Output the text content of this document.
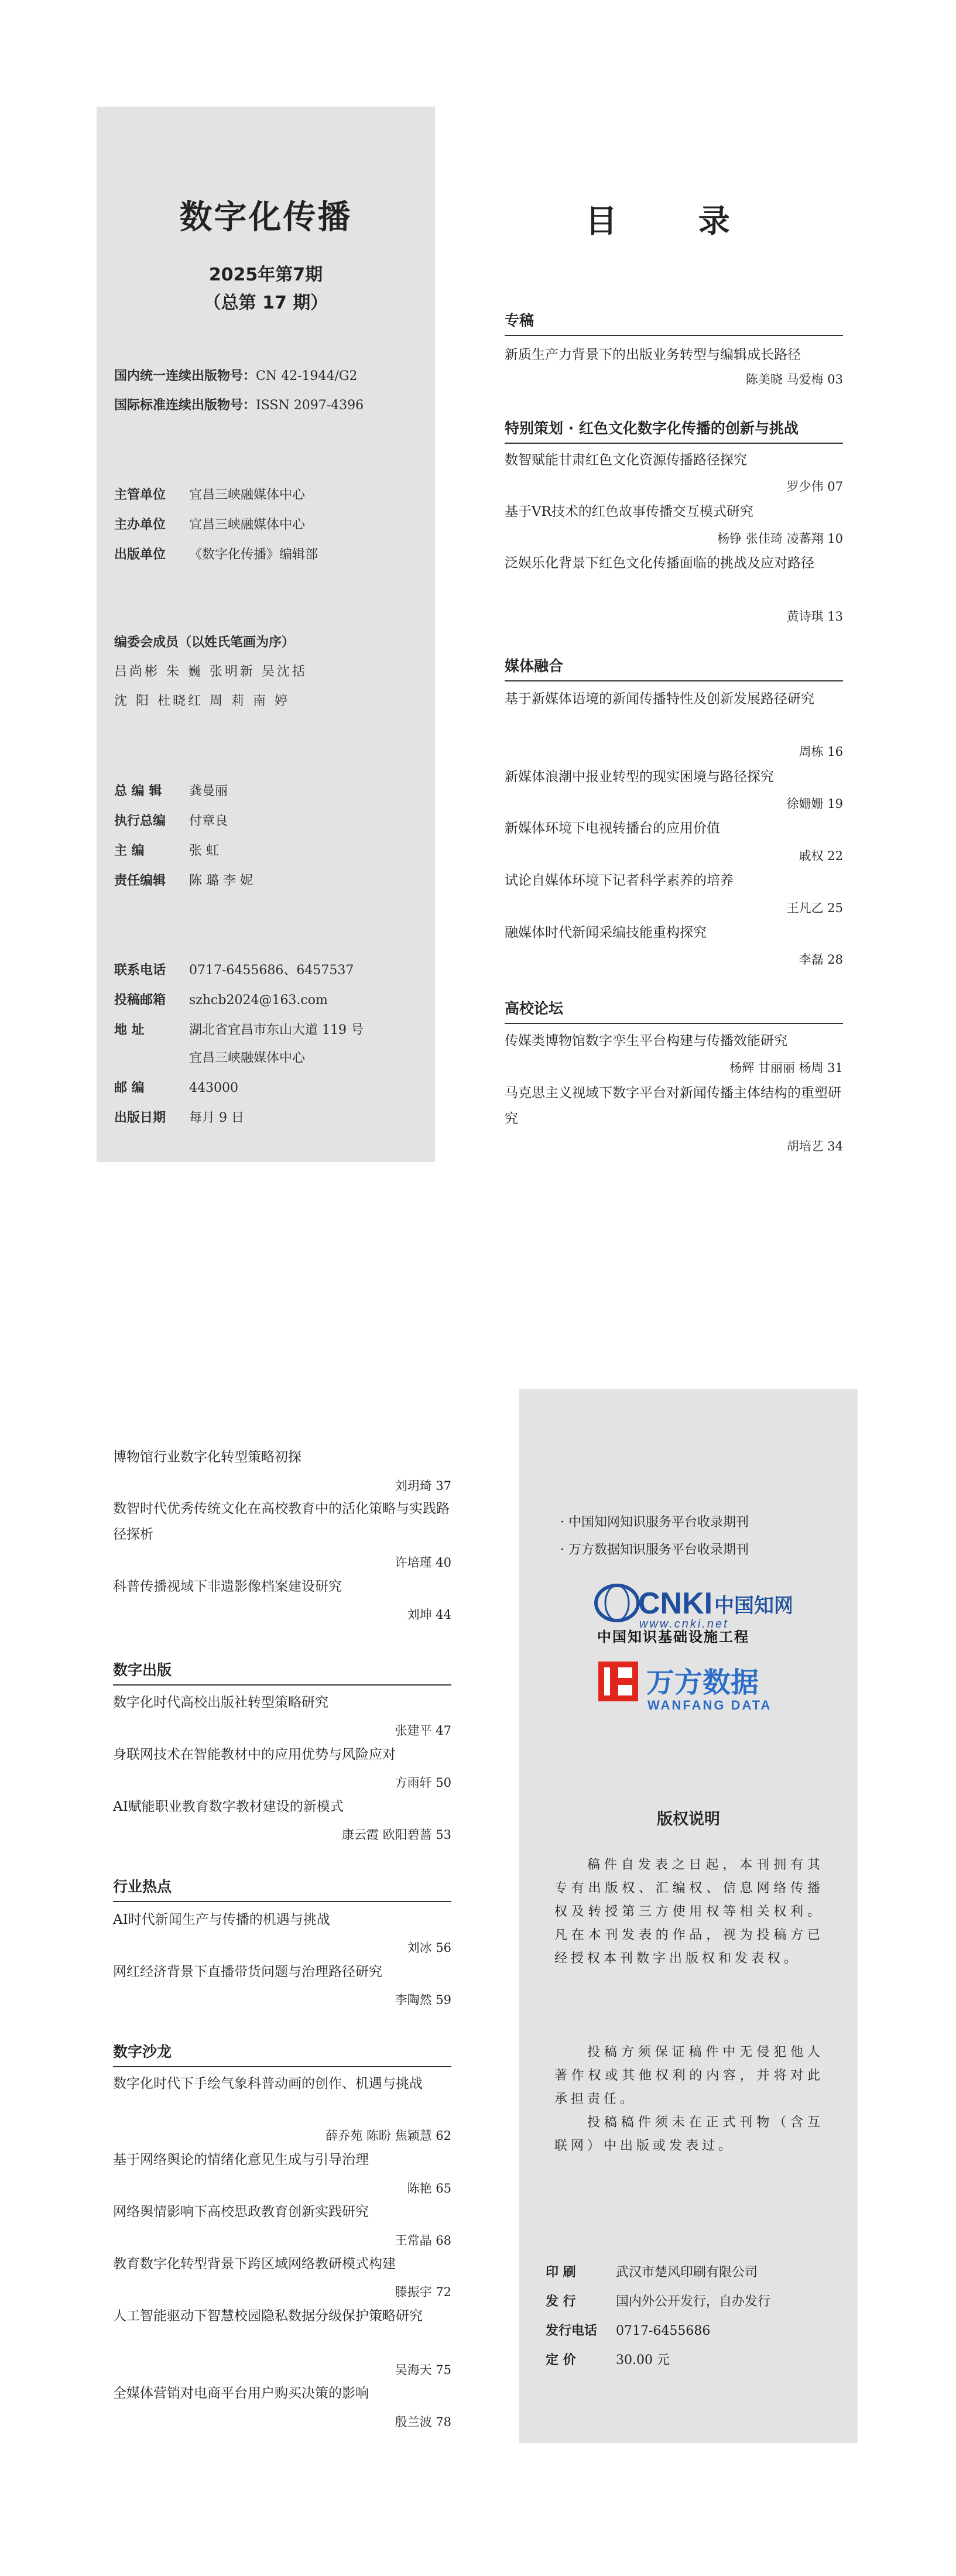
数字化传播
2025年第7期
（总第 17 期）
国内统一连续出版物号：CN 42-1944/G2
国际标准连续出版物号：ISSN 2097-4396
主管单位 宜昌三峡融媒体中心
主办单位 宜昌三峡融媒体中心
出版单位 《数字化传播》编辑部
编委会成员（以姓氏笔画为序）
吕尚彬 朱 巍 张明新 吴沈括
沈 阳 杜晓红 周 莉 南 婷
总 编 辑 龚曼丽
执行总编 付章良
主 编	张 虹
责任编辑 陈 璐 李 妮
联系电话 0717-6455686、6457537
投稿邮箱 szhcb2024@163.com
地 址	湖北省宜昌市东山大道 119 号
宜昌三峡融媒体中心
邮 编	443000
出版日期 每月 9 日
目 录
专稿
新质生产力背景下的出版业务转型与编辑成长路径
陈美晓 马爱梅 03
特别策划 · 红色文化数字化传播的创新与挑战
数智赋能甘肃红色文化资源传播路径探究
罗少伟 07
基于VR技术的红色故事传播交互模式研究
杨铮 张佳琦 凌蕃翔 10
泛娱乐化背景下红色文化传播面临的挑战及应对路径
黄诗琪 13
媒体融合
基于新媒体语境的新闻传播特性及创新发展路径研究
周栋 16
新媒体浪潮中报业转型的现实困境与路径探究
徐姗姗 19
新媒体环境下电视转播台的应用价值
戚权 22
试论自媒体环境下记者科学素养的培养
王凡乙 25
融媒体时代新闻采编技能重构探究
李磊 28
高校论坛
传媒类博物馆数字孪生平台构建与传播效能研究
杨辉 甘丽丽 杨周 31
马克思主义视域下数字平台对新闻传播主体结构的重塑研究
胡培艺 34
博物馆行业数字化转型策略初探
刘玥琦 37
数智时代优秀传统文化在高校教育中的活化策略与实践路径探析
许培瑾 40
科普传播视域下非遗影像档案建设研究
刘坤 44
数字出版
数字化时代高校出版社转型策略研究
张建平 47
身联网技术在智能教材中的应用优势与风险应对
方雨轩 50
AI赋能职业教育数字教材建设的新模式
康云霞 欧阳碧蔷 53
行业热点
AI时代新闻生产与传播的机遇与挑战
刘冰 56
网红经济背景下直播带货问题与治理路径研究
李陶然 59
数字沙龙
数字化时代下手绘气象科普动画的创作、机遇与挑战
薛乔苑 陈盼 焦颖慧 62
基于网络舆论的情绪化意见生成与引导治理
陈艳 65
网络舆情影响下高校思政教育创新实践研究
王常晶 68
教育数字化转型背景下跨区域网络教研模式构建
滕振宇 72
人工智能驱动下智慧校园隐私数据分级保护策略研究
吴海天 75
全媒体营销对电商平台用户购买决策的影响
殷兰波 78
· 中国知网知识服务平台收录期刊
· 万方数据知识服务平台收录期刊
CNKI 中国知网
www.cnki.net
中国知识基础设施工程
万方数据
WANFANG DATA
版权说明
稿件自发表之日起，本刊拥有其专有出版权、汇编权、信息网络传播权及转授第三方使用权等相关权利。凡在本刊发表的作品，视为投稿方已经授权本刊数字出版权和发表权。
投稿方须保证稿件中无侵犯他人著作权或其他权利的内容，并将对此承担责任。
投稿稿件须未在正式刊物（含互联网）中出版或发表过。
印 刷	武汉市楚风印刷有限公司
发 行	国内外公开发行，自办发行
发行电话 0717-6455686
定 价	30.00 元
